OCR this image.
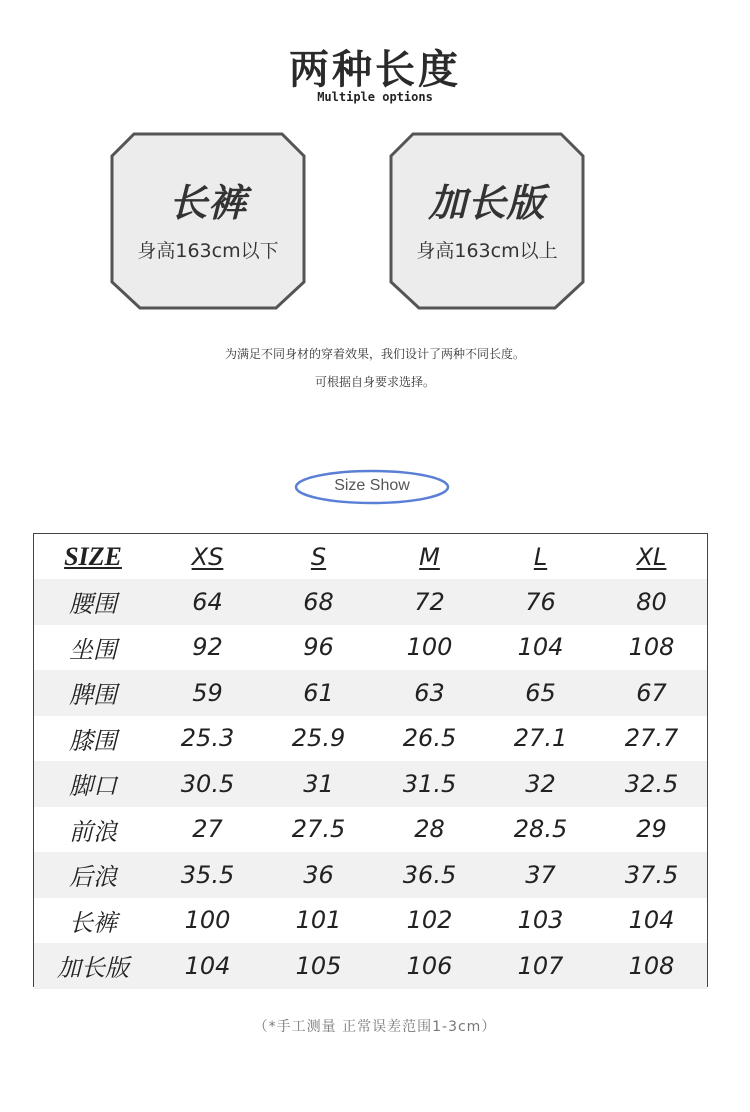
两种长度
Multiple options
长裤
身高163cm以下
加长版
身高163cm以上
为满足不同身材的穿着效果，我们设计了两种不同长度。
可根据自身要求选择。
Size Show
SIZE	XS	S	M	L	XL
腰围	64	68	72	76	80
坐围	92	96	100	104	108
脾围	59	61	63	65	67
膝围	25.3	25.9	26.5	27.1	27.7
脚口	30.5	31	31.5	32	32.5
前浪	27	27.5	28	28.5	29
后浪	35.5	36	36.5	37	37.5
长裤	100	101	102	103	104
加长版	104	105	106	107	108
（*手工测量 正常误差范围1-3cm）
